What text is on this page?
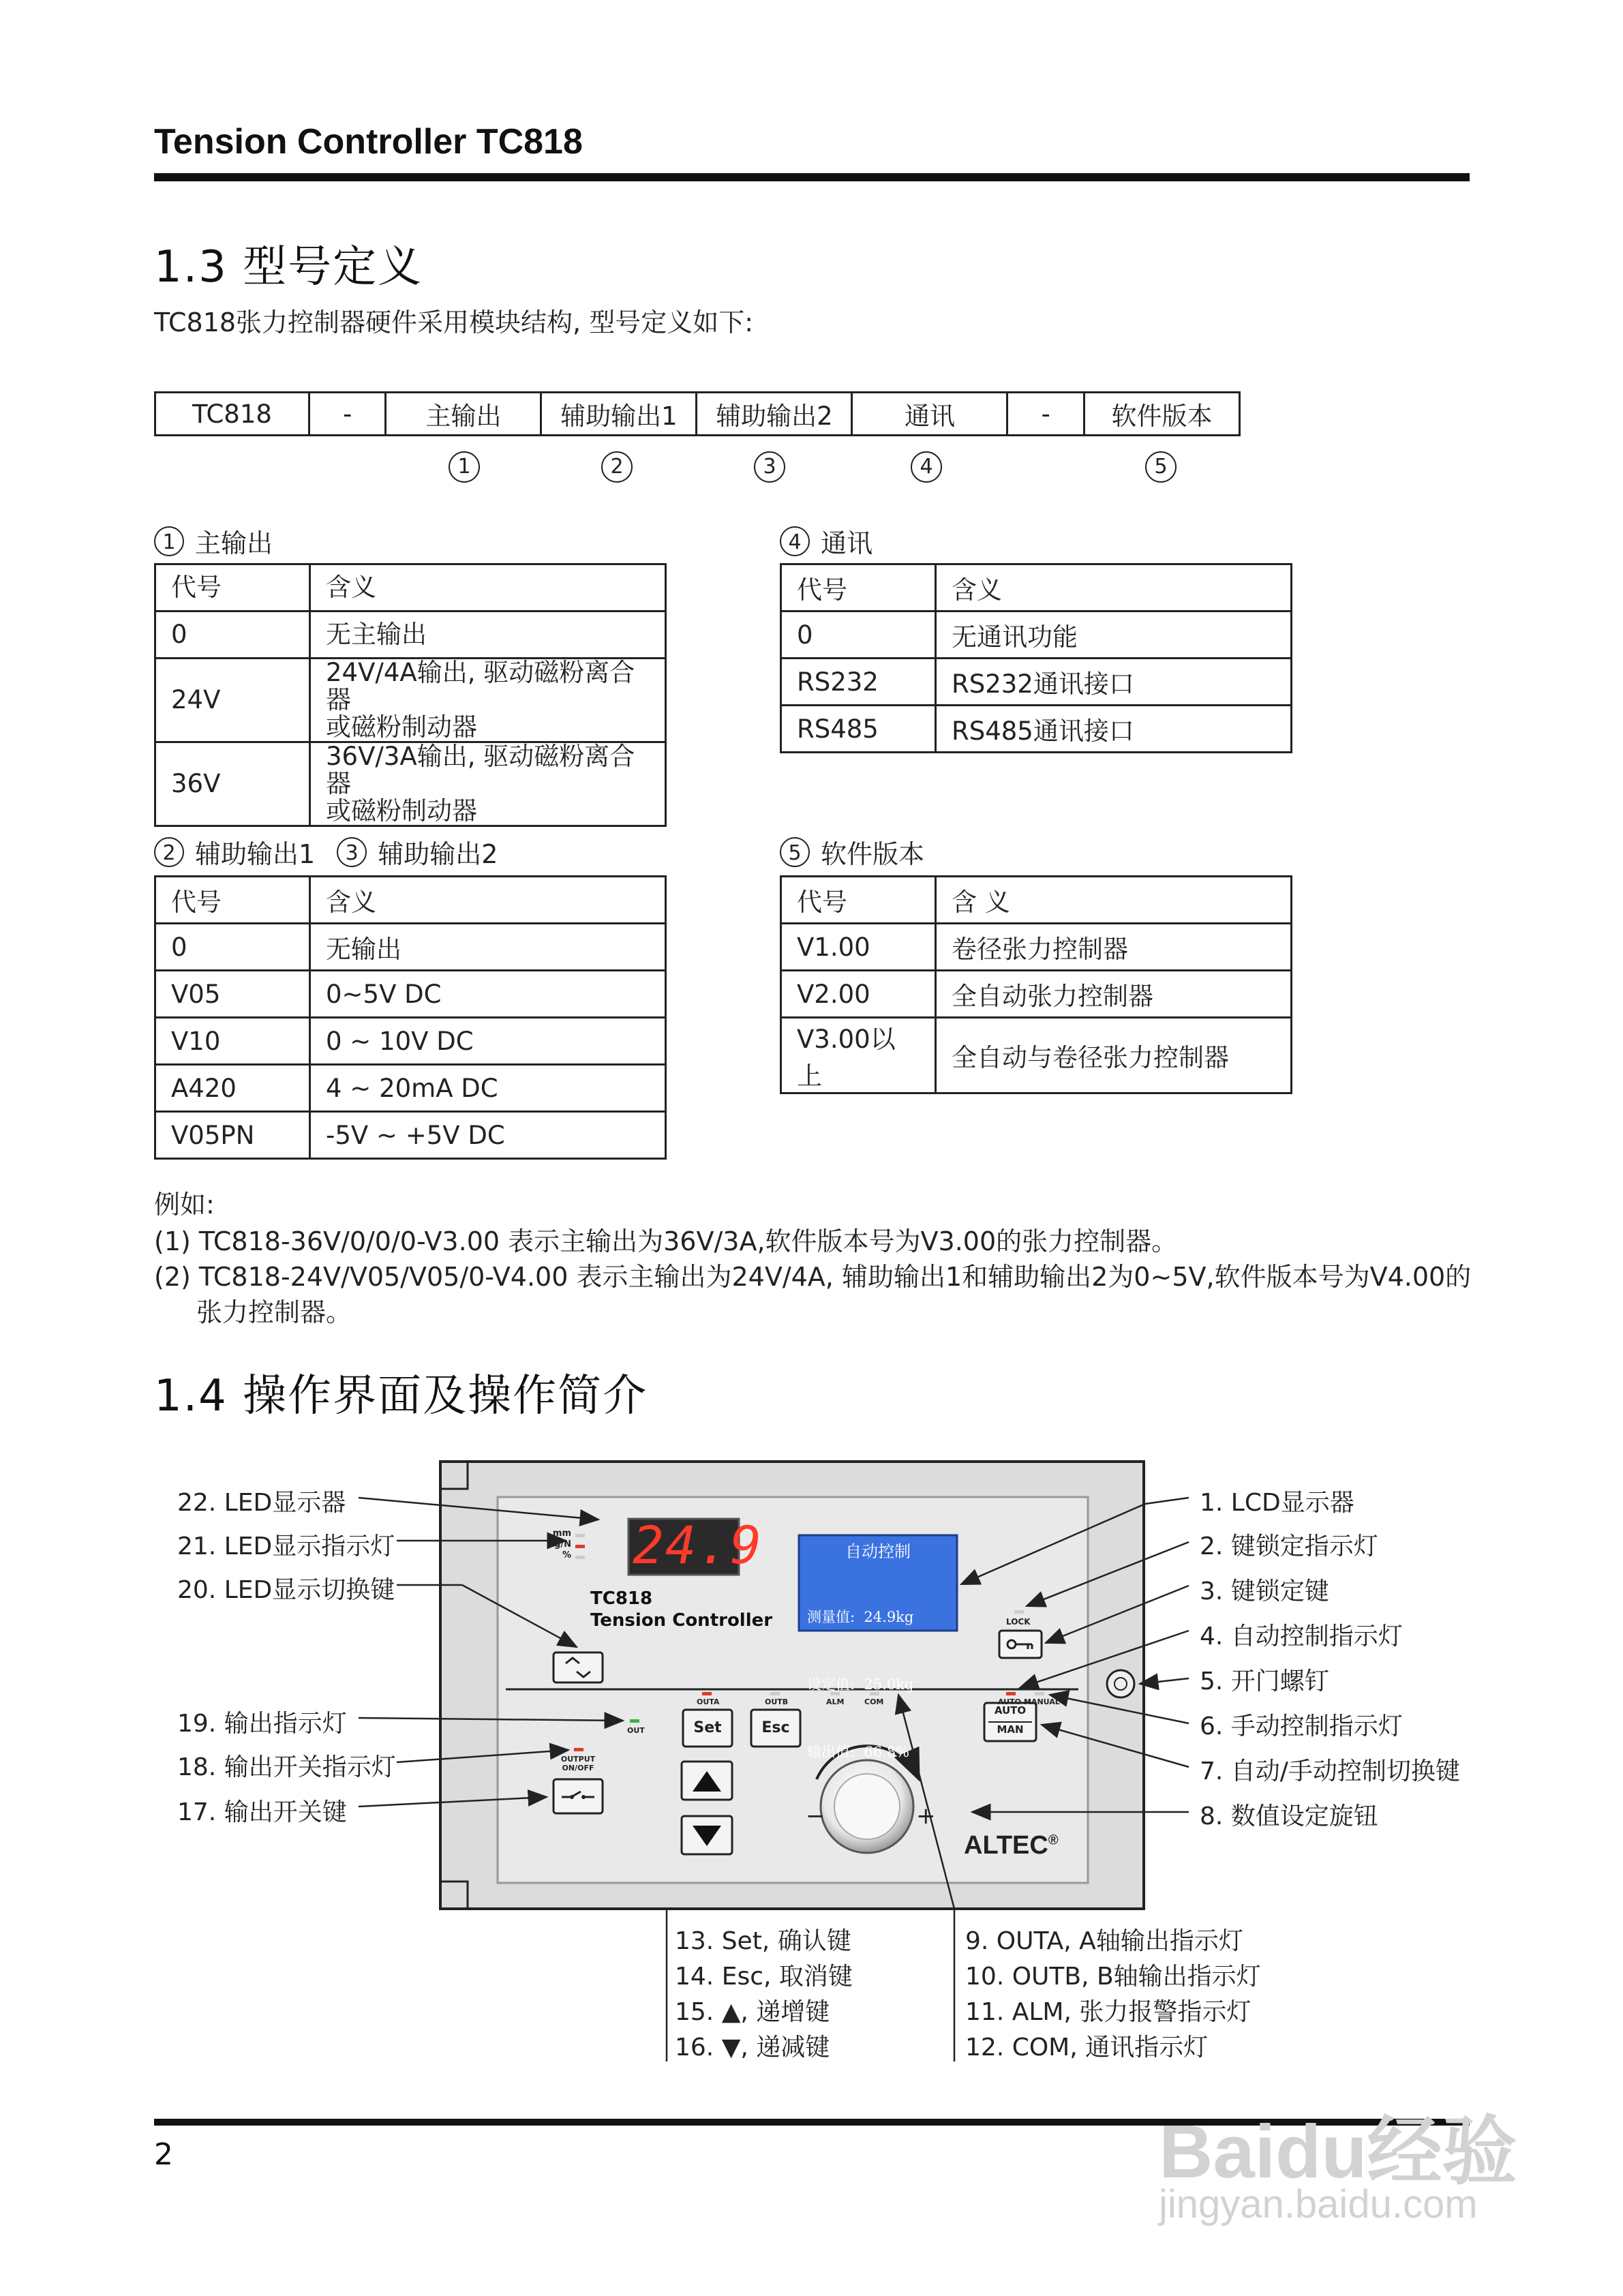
Tension Controller TC818
1.3 型号定义
TC818张力控制器硬件采用模块结构, 型号定义如下:
TC818	-	主输出	辅助输出1	辅助输出2	通讯	-	软件版本
1	2	3	4	5
1 主输出
代号	含义
0	无主输出
24V	24V/4A输出, 驱动磁粉离合器
或磁粉制动器

36V	36V/3A输出, 驱动磁粉离合器
或磁粉制动器
4 通讯
代号	含义
0	无通讯功能
RS232	RS232通讯接口
RS485	RS485通讯接口
2 辅助输出1	3 辅助输出2
代号	含义
0	无输出
V05	0~5V DC
V10	0 ~ 10V DC
A420	4 ~ 20mA DC
V05PN	-5V ~ +5V DC
5 软件版本
代号	含 义
V1.00	卷径张力控制器
V2.00	全自动张力控制器
V3.00以上	全自动与卷径张力控制器
例如:
(1) TC818-36V/0/0/0-V3.00 表示主输出为36V/3A,软件版本号为V3.00的张力控制器。
(2) TC818-24V/V05/V05/0-V4.00 表示主输出为24V/4A, 辅助输出1和辅助输出2为0~5V,软件版本号为V4.00的
张力控制器。
1.4 操作界面及操作简介
24.9
mm
kg/N
%
TC818
Tension Controller
自动控制

测量值:  24.9kg

设定值:  25.0kg

输出值:  66.8%

LOCK
OUTA	OUTB	ALM	COM	AUTO MANUAL
AUTO
MAN
Set	Esc
OUT
OUTPUT
ON/OFF
−	+
ALTEC®
22. LED显示器
21. LED显示指示灯
20. LED显示切换键
19. 输出指示灯
18. 输出开关指示灯
17. 输出开关键
1. LCD显示器
2. 键锁定指示灯
3. 键锁定键
4. 自动控制指示灯
5. 开门螺钉
6. 手动控制指示灯
7. 自动/手动控制切换键
8. 数值设定旋钮
13. Set, 确认键
14. Esc, 取消键
15. ▲, 递增键
16. ▼, 递减键
9. OUTA, A轴输出指示灯
10. OUTB, B轴输出指示灯
11. ALM, 张力报警指示灯
12. COM, 通讯指示灯
2	Baidu经验
jingyan.baidu.com
